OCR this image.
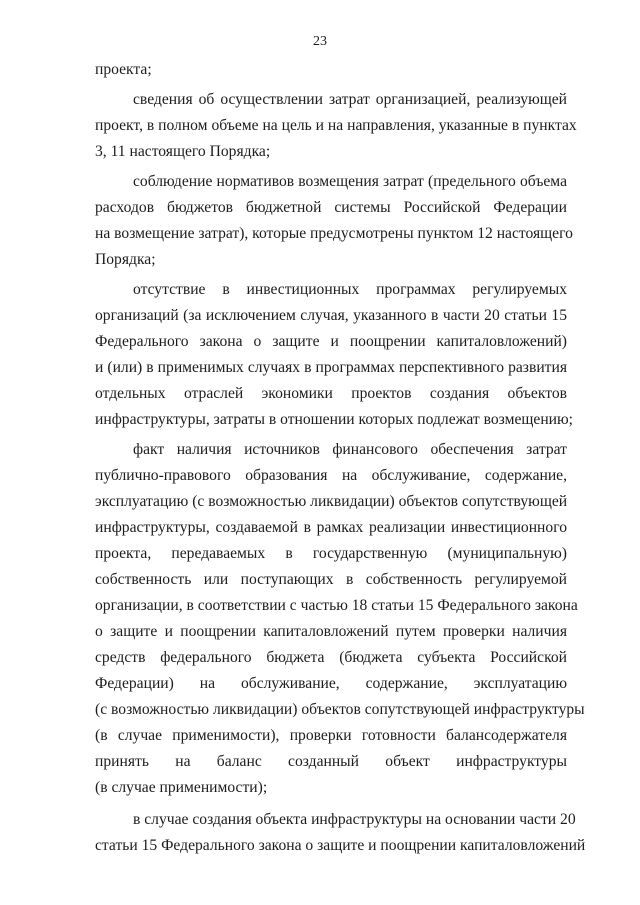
23
проекта;
сведения об осуществлении затрат организацией, реализующей
проект, в полном объеме на цель и на направления, указанные в пунктах
3, 11 настоящего Порядка;
соблюдение нормативов возмещения затрат (предельного объема
расходов бюджетов бюджетной системы Российской Федерации
на возмещение затрат), которые предусмотрены пунктом 12 настоящего
Порядка;
отсутствие в инвестиционных программах регулируемых
организаций (за исключением случая, указанного в части 20 статьи 15
Федерального закона о защите и поощрении капиталовложений)
и (или) в применимых случаях в программах перспективного развития
отдельных отраслей экономики проектов создания объектов
инфраструктуры, затраты в отношении которых подлежат возмещению;
факт наличия источников финансового обеспечения затрат
публично-правового образования на обслуживание, содержание,
эксплуатацию (с возможностью ликвидации) объектов сопутствующей
инфраструктуры, создаваемой в рамках реализации инвестиционного
проекта, передаваемых в государственную (муниципальную)
собственность или поступающих в собственность регулируемой
организации, в соответствии с частью 18 статьи 15 Федерального закона
о защите и поощрении капиталовложений путем проверки наличия
средств федерального бюджета (бюджета субъекта Российской
Федерации) на обслуживание, содержание, эксплуатацию
(с возможностью ликвидации) объектов сопутствующей инфраструктуры
(в случае применимости), проверки готовности балансодержателя
принять на баланс созданный объект инфраструктуры
(в случае применимости);
в случае создания объекта инфраструктуры на основании части 20
статьи 15 Федерального закона о защите и поощрении капиталовложений
